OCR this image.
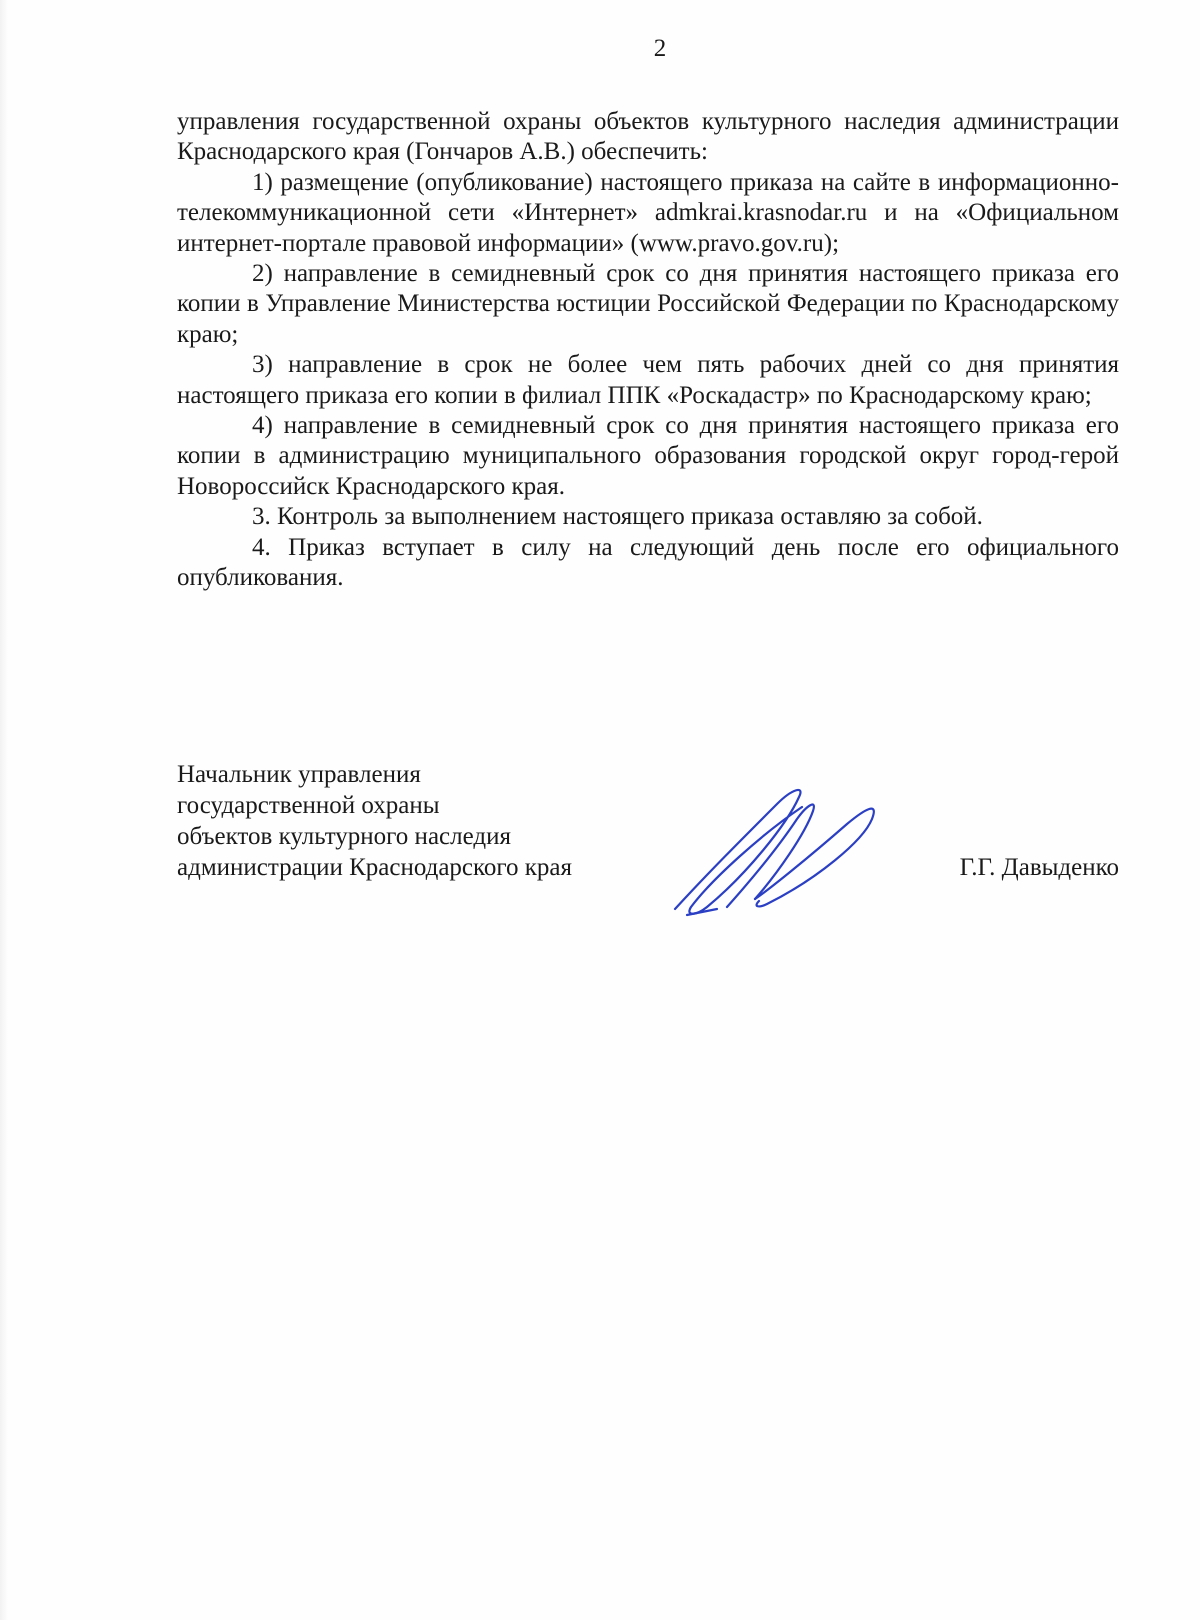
2

управления государственной охраны объектов культурного наследия администрации Краснодарского края (Гончаров А.В.) обеспечить:

1) размещение (опубликование) настоящего приказа на сайте в информационно-телекоммуникационной сети «Интернет» admkrai.krasnodar.ru и на «Официальном интернет-портале правовой информации» (www.pravo.gov.ru);

2) направление в семидневный срок со дня принятия настоящего приказа его копии в Управление Министерства юстиции Российской Федерации по Краснодарскому краю;

3) направление в срок не более чем пять рабочих дней со дня принятия настоящего приказа его копии в филиал ППК «Роскадастр» по Краснодарскому краю;

4) направление в семидневный срок со дня принятия настоящего приказа его копии в администрацию муниципального образования городской округ город-герой Новороссийск Краснодарского края.

3. Контроль за выполнением настоящего приказа оставляю за собой.

4. Приказ вступает в силу на следующий день после его официального опубликования.

Начальник управления
государственной охраны
объектов культурного наследия
администрации Краснодарского края	Г.Г. Давыденко
